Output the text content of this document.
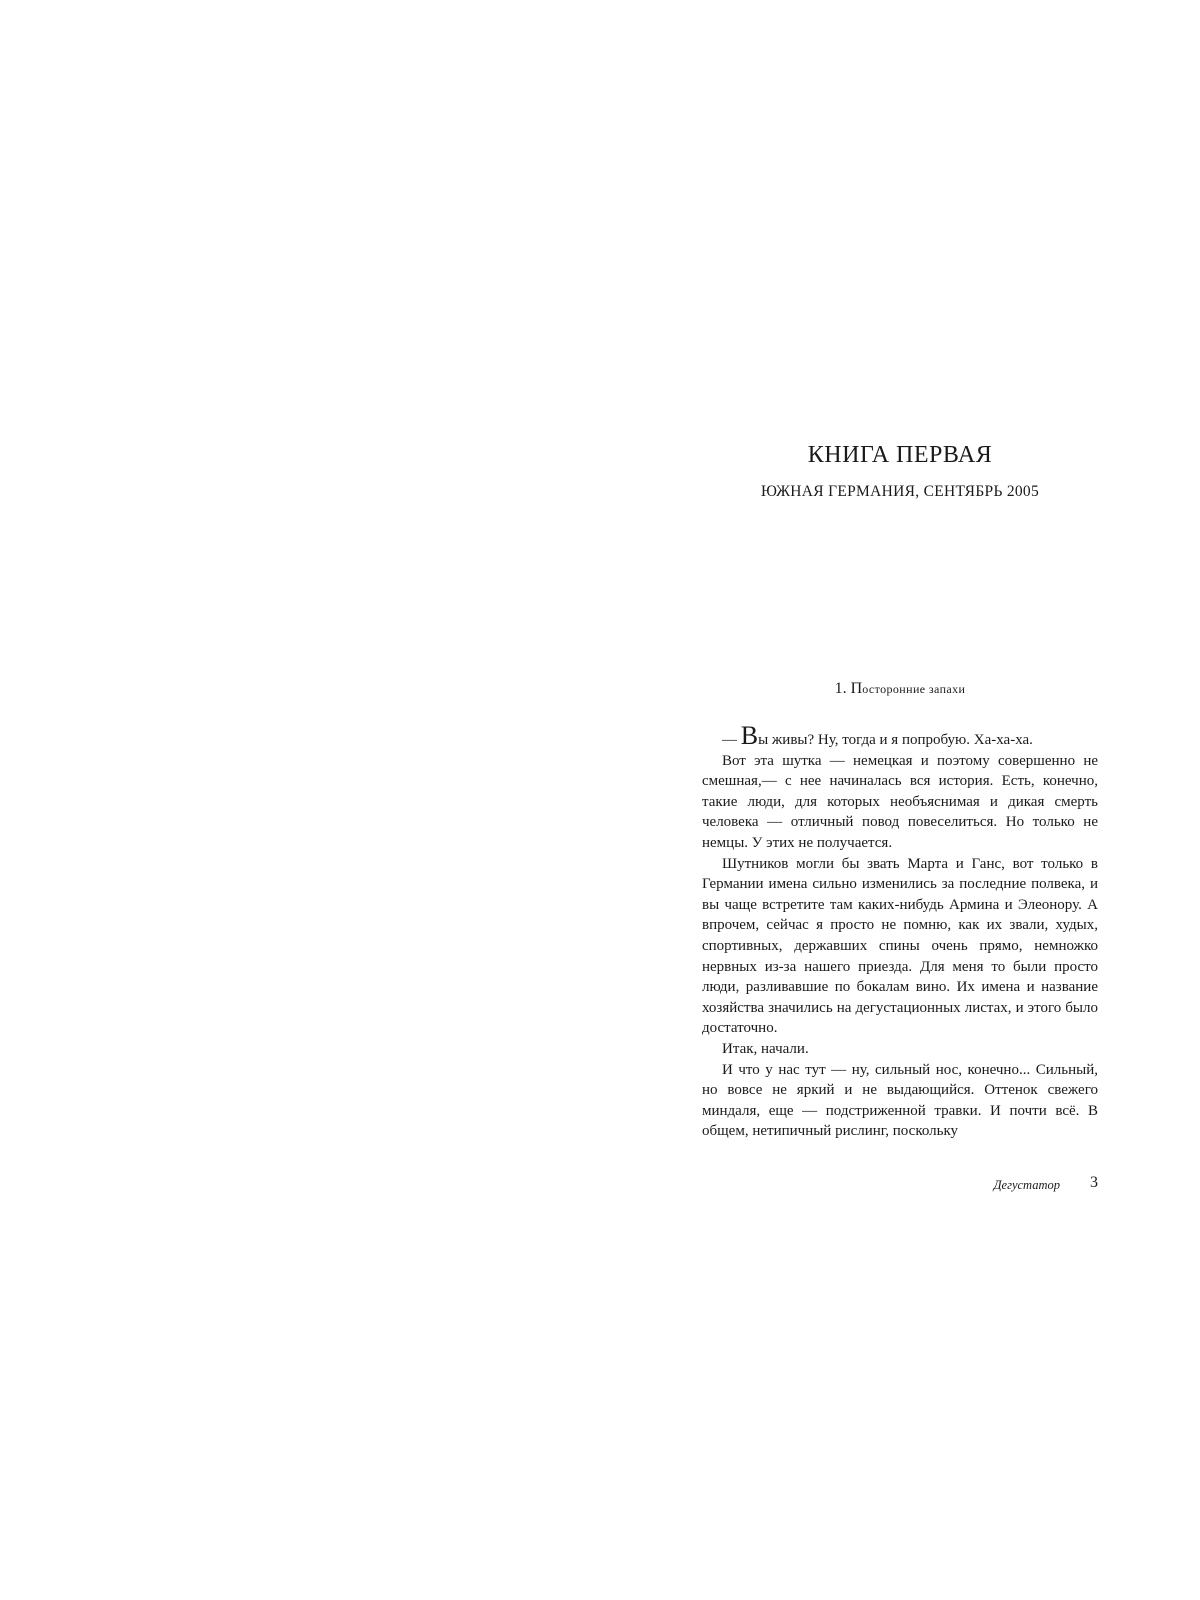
КНИГА ПЕРВАЯ
ЮЖНАЯ ГЕРМАНИЯ, СЕНТЯБРЬ 2005
1. Посторонние запахи

— Вы живы? Ну, тогда и я попробую. Ха-ха-ха.

Вот эта шутка — немецкая и поэтому совершенно не смешная,— с нее начиналась вся история. Есть, конечно, такие люди, для которых необъяснимая и дикая смерть человека — отличный повод повеселиться. Но только не немцы. У этих не получается.

Шутников могли бы звать Марта и Ганс, вот только в Германии имена сильно изменились за последние полвека, и вы чаще встретите там каких-нибудь Армина и Элеонору. А впрочем, сейчас я просто не помню, как их звали, худых, спортивных, державших спины очень прямо, немножко нервных из-за нашего приезда. Для меня то были просто люди, разливавшие по бокалам вино. Их имена и название хозяйства значились на дегустационных листах, и этого было достаточно.

Итак, начали.

И что у нас тут — ну, сильный нос, конечно... Сильный, но вовсе не яркий и не выдающийся. Оттенок свежего миндаля, еще — подстриженной травки. И почти всё. В общем, нетипичный рислинг, поскольку

Дегустатор 3
